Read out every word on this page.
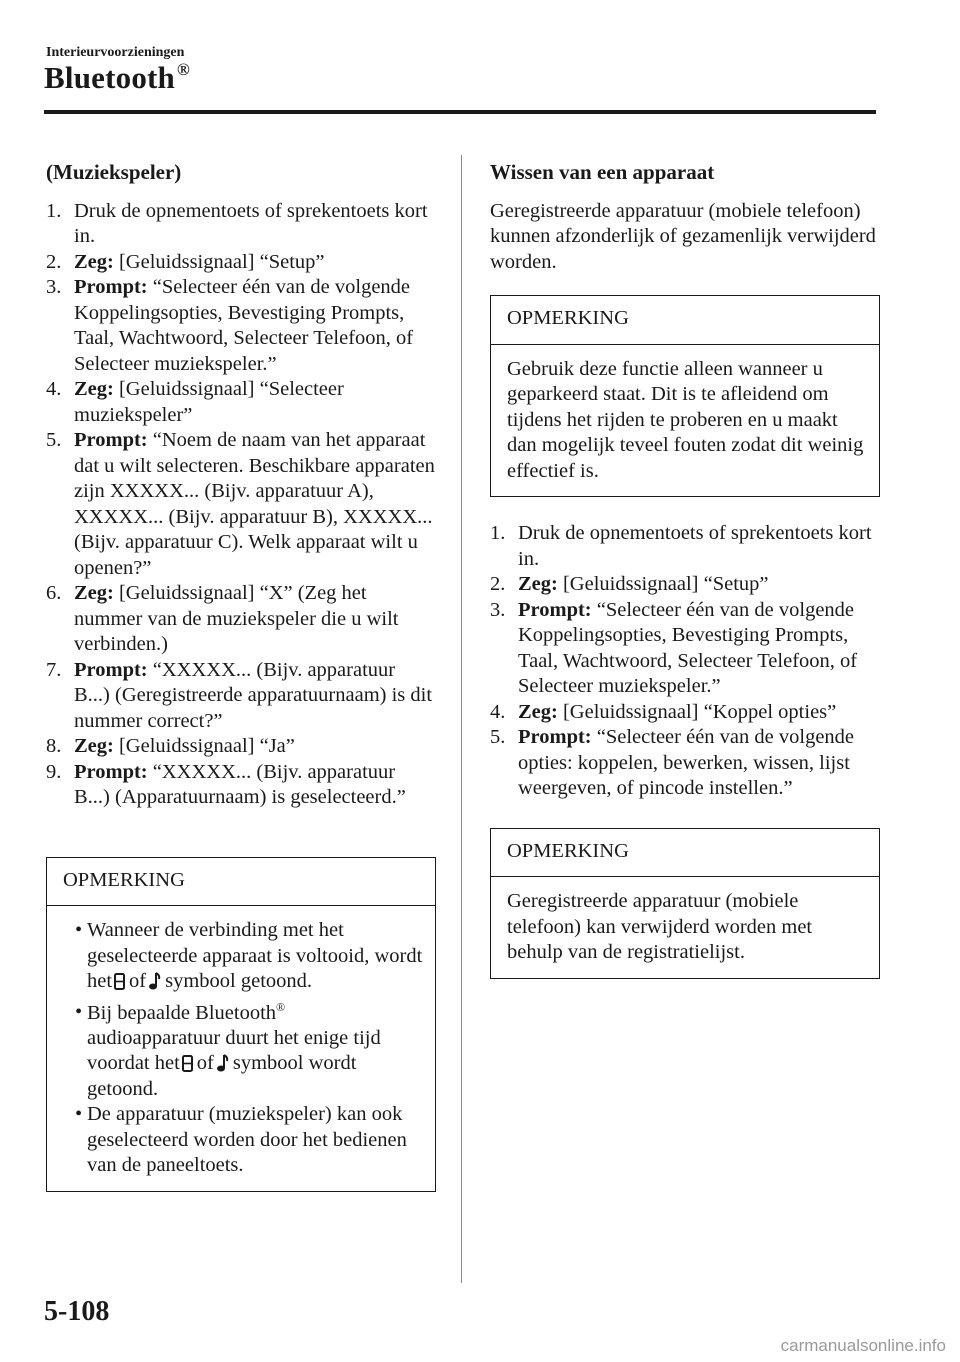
Interieurvoorzieningen
Bluetooth ®

(Muziekspeler)

1. Druk de opnementoets of sprekentoets kort in.

2. Zeg: [Geluidssignaal] “Setup”

3. Prompt: “Selecteer één van de volgende Koppelingsopties, Bevestiging Prompts, Taal, Wachtwoord, Selecteer Telefoon, of Selecteer muziekspeler.”

4. Zeg: [Geluidssignaal] “Selecteer muziekspeler”

5. Prompt: “Noem de naam van het apparaat dat u wilt selecteren. Beschikbare apparaten zijn XXXXX... (Bijv. apparatuur A), XXXXX... (Bijv. apparatuur B), XXXXX... (Bijv. apparatuur C). Welk apparaat wilt u openen?”

6. Zeg: [Geluidssignaal] “X” (Zeg het nummer van de muziekspeler die u wilt verbinden.)

7. Prompt: “XXXXX... (Bijv. apparatuur B...) (Geregistreerde apparatuurnaam) is dit nummer correct?”

8. Zeg: [Geluidssignaal] “Ja”

9. Prompt: “XXXXX... (Bijv. apparatuur B...) (Apparatuurnaam) is geselecteerd.”

OPMERKING

• Wanneer de verbinding met het geselecteerde apparaat is voltooid, wordt het of symbool getoond.

• Bij bepaalde Bluetooth® audioapparatuur duurt het enige tijd voordat het of symbool wordt getoond.

• De apparatuur (muziekspeler) kan ook geselecteerd worden door het bedienen van de paneeltoets.

Wissen van een apparaat

Geregistreerde apparatuur (mobiele telefoon) kunnen afzonderlijk of gezamenlijk verwijderd worden.

OPMERKING

Gebruik deze functie alleen wanneer u geparkeerd staat. Dit is te afleidend om tijdens het rijden te proberen en u maakt dan mogelijk teveel fouten zodat dit weinig effectief is.

1. Druk de opnementoets of sprekentoets kort in.

2. Zeg: [Geluidssignaal] “Setup”

3. Prompt: “Selecteer één van de volgende Koppelingsopties, Bevestiging Prompts, Taal, Wachtwoord, Selecteer Telefoon, of Selecteer muziekspeler.”

4. Zeg: [Geluidssignaal] “Koppel opties”

5. Prompt: “Selecteer één van de volgende opties: koppelen, bewerken, wissen, lijst weergeven, of pincode instellen.”

OPMERKING

Geregistreerde apparatuur (mobiele telefoon) kan verwijderd worden met behulp van de registratielijst.

5-108
carmanualsonline.info
